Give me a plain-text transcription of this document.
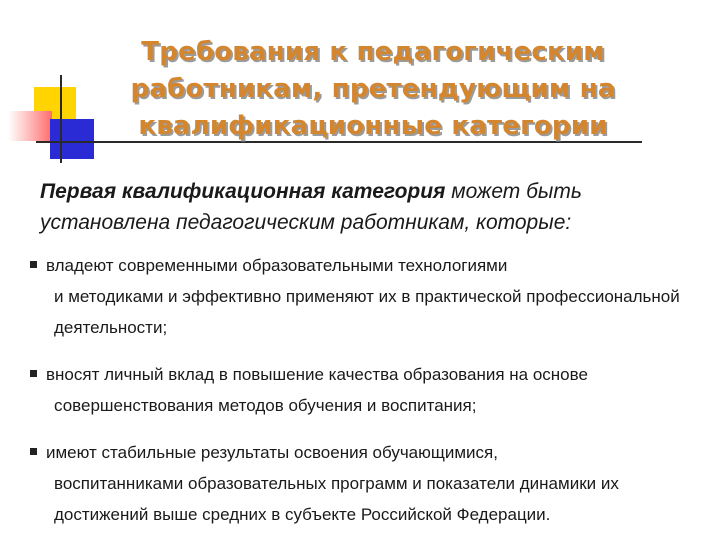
Требования к педагогическим работникам, претендующим на квалификационные категории

Первая квалификационная категория может быть установлена педагогическим работникам, которые:

владеют современными образовательными технологиями
и методиками и эффективно применяют их в практической профессиональной деятельности;
вносят личный вклад в повышение качества образования на основе
совершенствования методов обучения и воспитания;
имеют стабильные результаты освоения обучающимися,
воспитанниками образовательных программ и показатели динамики их достижений выше средних в субъекте Российской Федерации.
